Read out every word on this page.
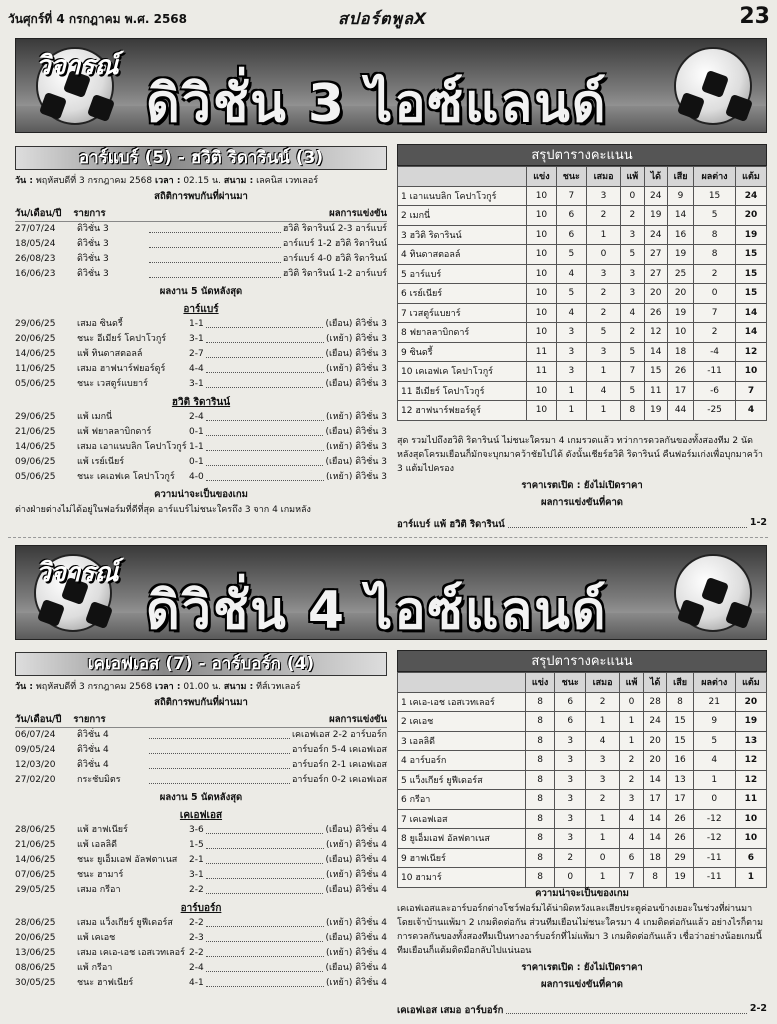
วันศุกร์ที่ 4 กรกฎาคม พ.ศ. 2568	สปอร์ตพูลX	23
วิจารณ์
ดิวิชั่น 3 ไอซ์แลนด์
อาร์แบร์ (5) - ฮวิติ ริดารินน์ (3)
วัน : พฤหัสบดีที่ 3 กรกฎาคม 2568 เวลา : 02.15 น. สนาม : เลคนิส เวทเลอร์
สถิติการพบกันที่ผ่านมา
วัน/เดือน/ปี รายการ	ผลการแข่งขัน
27/07/24	ดิวิชั่น 3	ฮวิติ ริดารินน์ 2-3 อาร์แบร์
18/05/24	ดิวิชั่น 3	อาร์แบร์ 1-2 ฮวิติ ริดารินน์
26/08/23	ดิวิชั่น 3	อาร์แบร์ 4-0 ฮวิติ ริดารินน์
16/06/23	ดิวิชั่น 3	ฮวิติ ริดารินน์ 1-2 อาร์แบร์
ผลงาน 5 นัดหลังสุด
อาร์แบร์
29/06/25	เสมอ ซินดรี้	1-1	(เยือน) ดิวิชั่น 3
20/06/25	ชนะ อีเมียร์ โคปาโวกูร์	3-1	(เหย้า) ดิวิชั่น 3
14/06/25	แพ้ ทินดาสตอลล์	2-7	(เยือน) ดิวิชั่น 3
11/06/25	เสมอ ฮาฟนาร์ฟยอร์ดูร์	4-4	(เหย้า) ดิวิชั่น 3
05/06/25	ชนะ เวสตูร์แบยาร์	3-1	(เยือน) ดิวิชั่น 3
ฮวิติ ริดารินน์
29/06/25	แพ้ เมกนี่	2-4	(เหย้า) ดิวิชั่น 3
21/06/25	แพ้ ฟยาลลาบิกดาร์	0-1	(เยือน) ดิวิชั่น 3
14/06/25	เสมอ เอาแนบลิก โคปาโวกูร์ 1-1	(เหย้า) ดิวิชั่น 3
09/06/25	แพ้ เรย์เนียร์	0-1	(เยือน) ดิวิชั่น 3
05/06/25	ชนะ เคเอฟเค โคปาโวกูร์	4-0	(เหย้า) ดิวิชั่น 3
ความน่าจะเป็นของเกม
ต่างฝ่ายต่างไม่ได้อยู่ในฟอร์มที่ดีที่สุด อาร์แบร์ไม่ชนะใครถึง 3 จาก 4 เกมหลัง
สรุปตารางคะแนน
	แข่ง	ชนะ	เสมอ	แพ้	ได้	เสีย	ผลต่าง	แต้ม
1 เอาแนบลิก โคปาโวกูร์	10	7	3	0	24	9	15	24
2 เมกนี่	10	6	2	2	19	14	5	20
3 ฮวิติ ริดารินน์	10	6	1	3	24	16	8	19
4 ทินดาสตอลล์	10	5	0	5	27	19	8	15
5 อาร์แบร์	10	4	3	3	27	25	2	15
6 เรย์เนียร์	10	5	2	3	20	20	0	15
7 เวสตูร์แบยาร์	10	4	2	4	26	19	7	14
8 ฟยาลลาบิกดาร์	10	3	5	2	12	10	2	14
9 ซินดรี้	11	3	3	5	14	18	-4	12
10 เคเอฟเค โคปาโวกูร์	11	3	1	7	15	26	-11	10
11 อีเมียร์ โคปาโวกูร์	10	1	4	5	11	17	-6	7
12 ฮาฟนาร์ฟยอร์ดูร์	10	1	1	8	19	44	-25	4
สุด รวมไปถึงฮวิติ ริดารินน์ ไม่ชนะใครมา 4 เกมรวดแล้ว ทว่าการดวลกันของทั้งสองทีม 2 นัดหลังสุดโครมเยือนก็มักจะบุกมาคว้าชัยไปได้ ดังนั้นเชียร์ฮวิติ ริดารินน์ คืนฟอร์มเก่งเพื่อบุกมาคว้า 3 แต้มไปครอง
ราคาเรตเปิด : ยังไม่เปิดราคา
ผลการแข่งขันที่คาด
อาร์แบร์ แพ้ ฮวิติ ริดารินน์	1-2
วิจารณ์
ดิวิชั่น 4 ไอซ์แลนด์
เคเอฟเอส (7) - อาร์บอร์ก (4)
วัน : พฤหัสบดีที่ 3 กรกฎาคม 2568 เวลา : 01.00 น. สนาม : ทีส์เวทเลอร์
สถิติการพบกันที่ผ่านมา
วัน/เดือน/ปี รายการ	ผลการแข่งขัน
06/07/24	ดิวิชั่น 4	เคเอฟเอส 2-2 อาร์บอร์ก
09/05/24	ดิวิชั่น 4	อาร์บอร์ก 5-4 เคเอฟเอส
12/03/20	ดิวิชั่น 4	อาร์บอร์ก 2-1 เคเอฟเอส
27/02/20	กระชับมิตร	อาร์บอร์ก 0-2 เคเอฟเอส
ผลงาน 5 นัดหลังสุด
เคเอฟเอส
28/06/25	แพ้ ฮาฟเนียร์	3-6	(เยือน) ดิวิชั่น 4
21/06/25	แพ้ เอลลิดี	1-5	(เหย้า) ดิวิชั่น 4
14/06/25	ชนะ ยูเอ็มเอฟ อัลฟตาเนส	2-1	(เยือน) ดิวิชั่น 4
07/06/25	ชนะ ฮามาร์	3-1	(เหย้า) ดิวิชั่น 4
29/05/25	เสมอ กรีอา	2-2	(เยือน) ดิวิชั่น 4
อาร์บอร์ก
28/06/25	เสมอ แว็งเกียร์ ยูฟีเดอร์ส	2-2	(เหย้า) ดิวิชั่น 4
20/06/25	แพ้ เคเอช	2-3	(เยือน) ดิวิชั่น 4
13/06/25	เสมอ เคเอ-เอช เอสเวทเลอร์ 2-2	(เหย้า) ดิวิชั่น 4
08/06/25	แพ้ กรีอา	2-4	(เยือน) ดิวิชั่น 4
30/05/25	ชนะ ฮาฟเนียร์	4-1	(เหย้า) ดิวิชั่น 4
สรุปตารางคะแนน
	แข่ง	ชนะ	เสมอ	แพ้	ได้	เสีย	ผลต่าง	แต้ม
1 เคเอ-เอช เอสเวทเลอร์	8	6	2	0	28	8	21	20
2 เคเอช	8	6	1	1	24	15	9	19
3 เอลลิดี	8	3	4	1	20	15	5	13
4 อาร์บอร์ก	8	3	3	2	20	16	4	12
5 แว็งเกียร์ ยูฟีเดอร์ส	8	3	3	2	14	13	1	12
6 กรีอา	8	3	2	3	17	17	0	11
7 เคเอฟเอส	8	3	1	4	14	26	-12	10
8 ยูเอ็มเอฟ อัลฟตาเนส	8	3	1	4	14	26	-12	10
9 ฮาฟเนียร์	8	2	0	6	18	29	-11	6
10 ฮามาร์	8	0	1	7	8	19	-11	1
ความน่าจะเป็นของเกม
เคเอฟเอสและอาร์บอร์กต่างโชว์ฟอร์มได้น่าผิดหวังและเสียประตูค่อนข้างเยอะในช่วงที่ผ่านมา โดยเจ้าบ้านแพ้มา 2 เกมติดต่อกัน ส่วนทีมเยือนไม่ชนะใครมา 4 เกมติดต่อกันแล้ว อย่างไรก็ตามการดวลกันของทั้งสองทีมเป็นทางอาร์บอร์กที่ไม่แพ้มา 3 เกมติดต่อกันแล้ว เชื่อว่าอย่างน้อยเกมนี้ทีมเยือนก็แต้มติดมือกลับไปแน่นอน
ราคาเรตเปิด : ยังไม่เปิดราคา
ผลการแข่งขันที่คาด
เคเอฟเอส เสมอ อาร์บอร์ก	2-2
